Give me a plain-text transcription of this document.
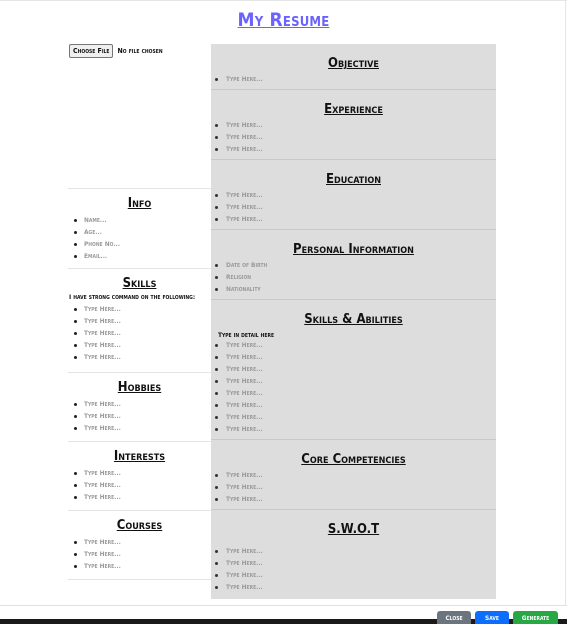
My Resume
Choose File	No file chosen
Info
Name...
Age...
Phone No...
Email...
Skills
I have strong command on the following:
Type Here...
Type Here...
Type Here...
Type Here...
Type Here...
Hobbies
Type Here...
Type Here...
Type Here...
Interests
Type Here...
Type Here...
Type Here...
Courses
Type Here...
Type Here...
Type Here...
Objective
Type Here...
Experience
Type Here...
Type Here...
Type Here...
Education
Type Here...
Type Here...
Type Here...
Personal Information
Date of Birth
Religion
Nationality
Skills & Abilities
Type in detail here
Type Here...
Type Here...
Type Here...
Type Here...
Type Here...
Type Here...
Type Here...
Type Here...
Core Competencies
Type Here...
Type Here...
Type Here...
S.W.O.T
Type Here...
Type Here...
Type Here...
Type Here...
Close	Save	Generate
